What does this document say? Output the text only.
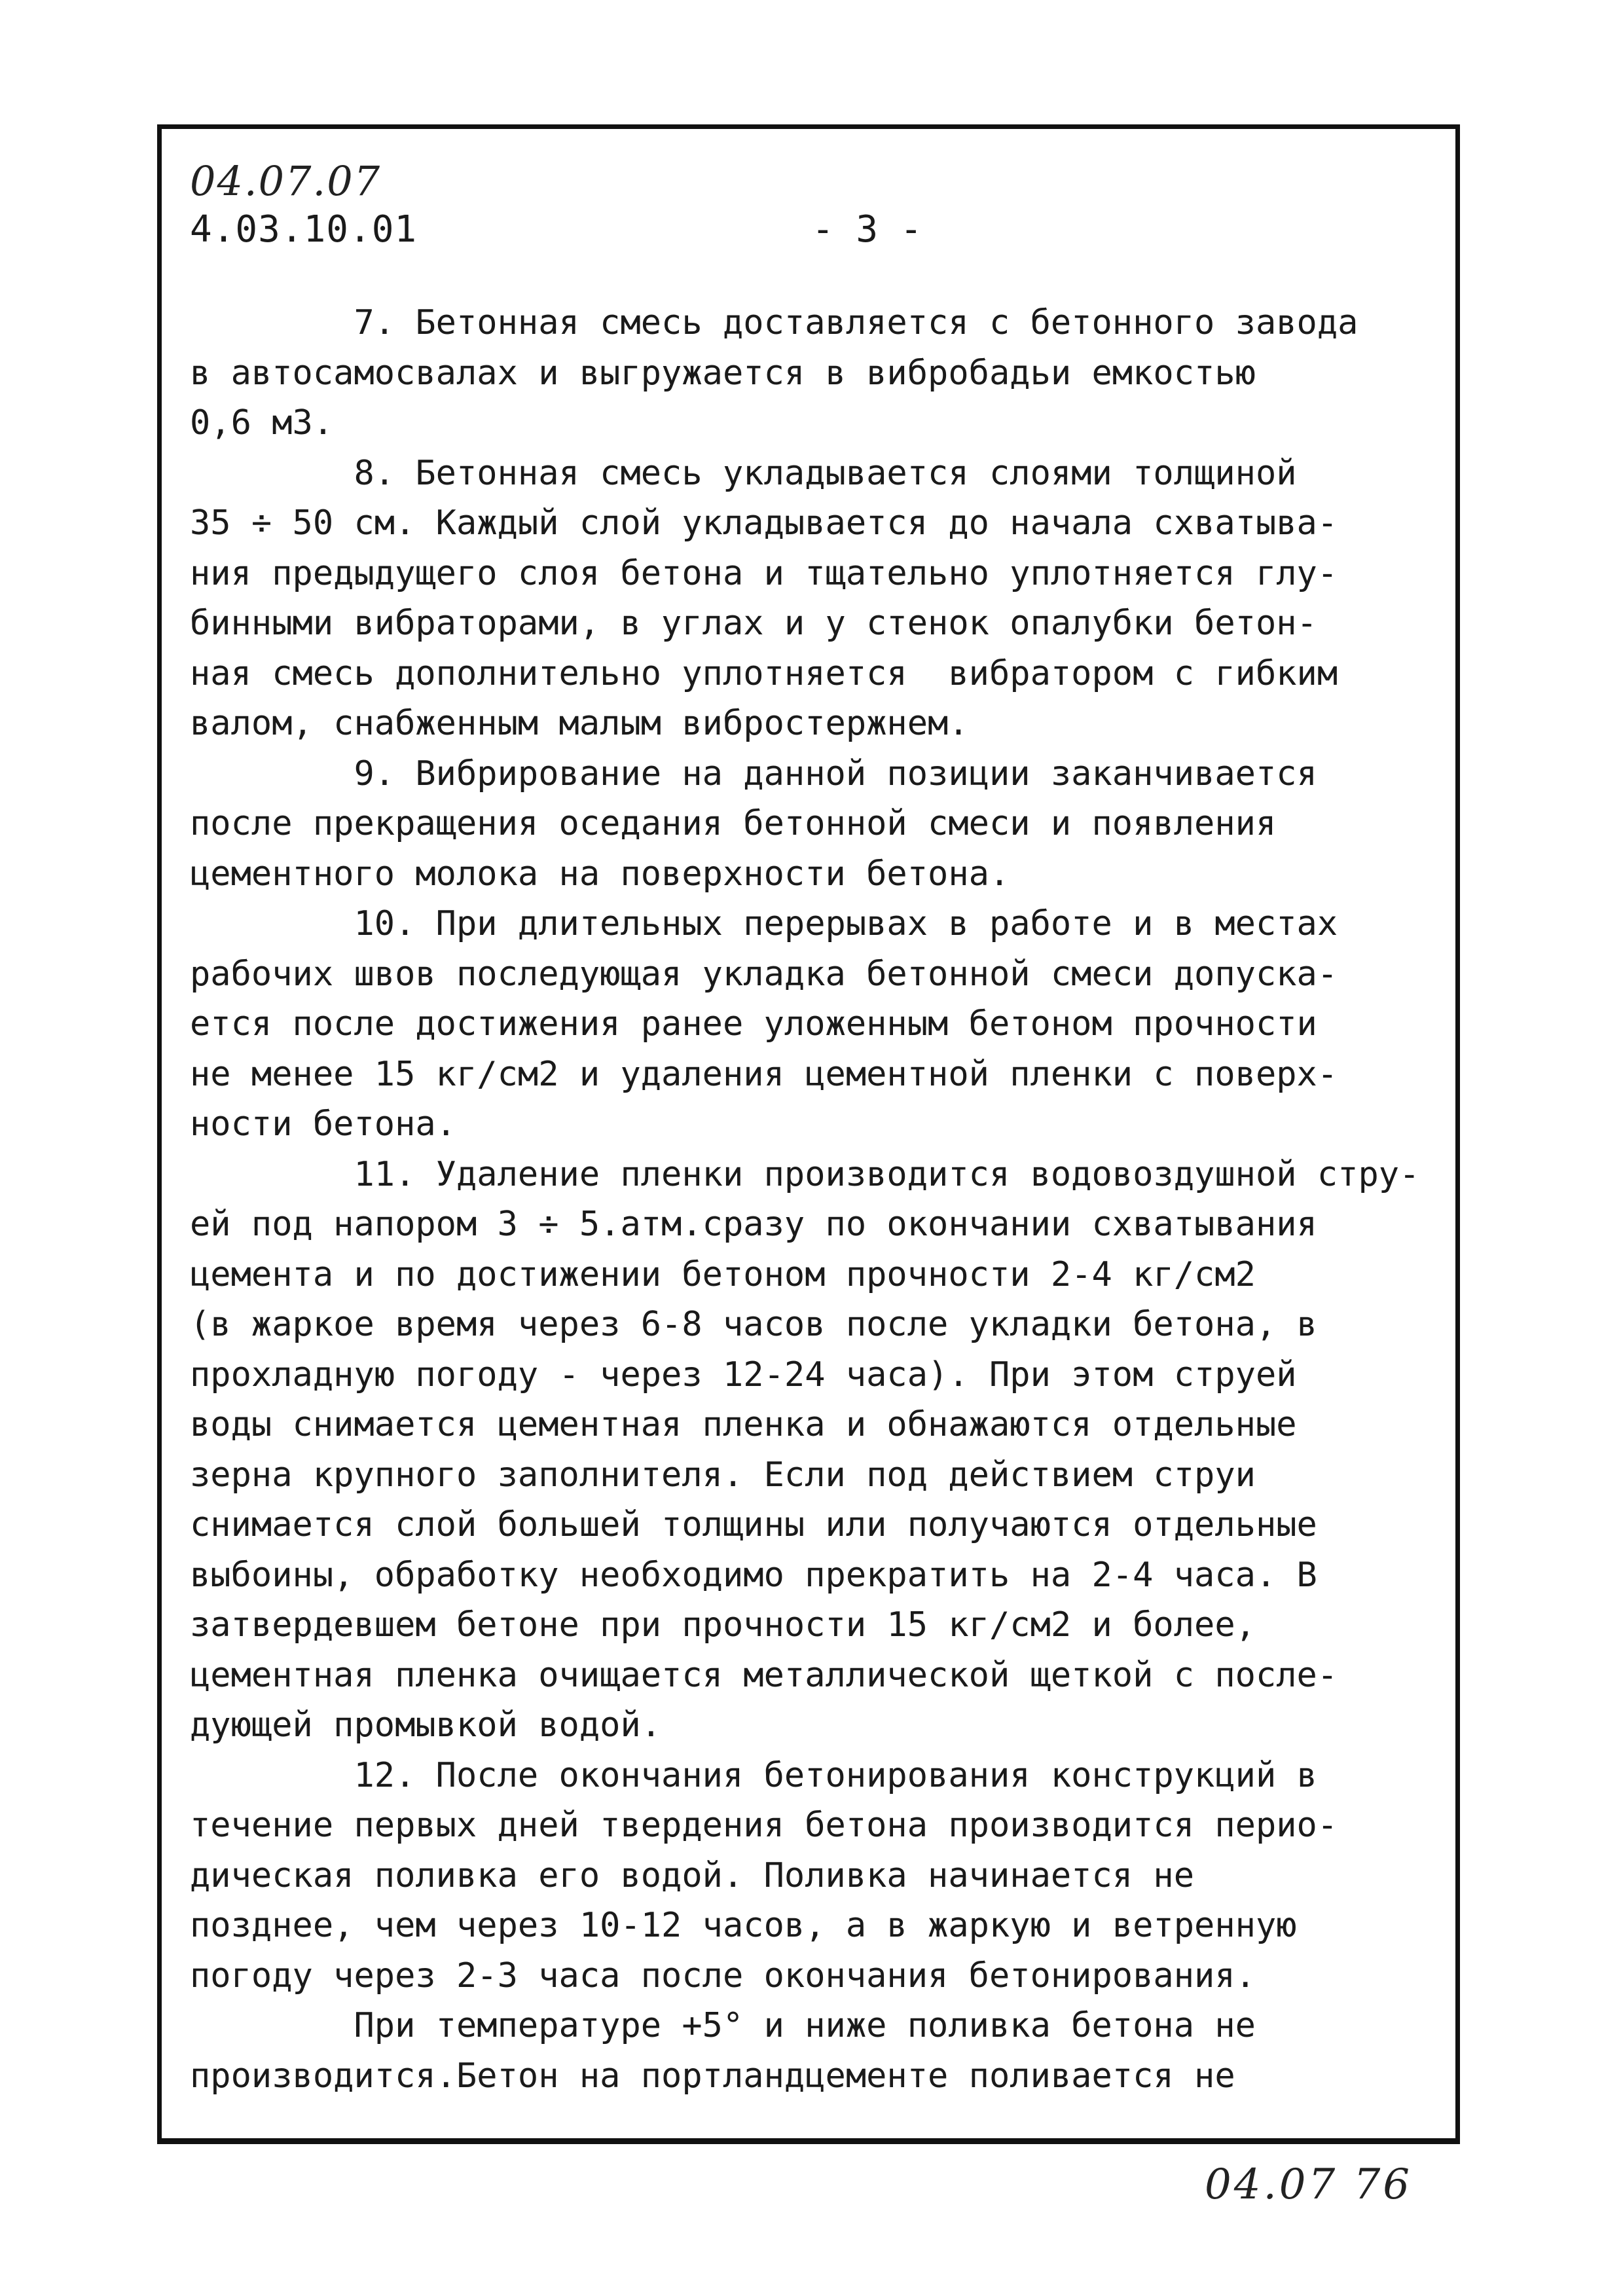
04.07.07
4.03.10.01	- 3 -
7. Бетонная смесь доставляется с бетонного завода
в автосамосвалах и выгружается в вибробадьи емкостью
0,6 м3.
8. Бетонная смесь укладывается слоями толщиной
35 ÷ 50 см. Каждый слой укладывается до начала схватыва-
ния предыдущего слоя бетона и тщательно уплотняется глу-
бинными вибраторами, в углах и у стенок опалубки бетон-
ная смесь дополнительно уплотняется  вибратором с гибким
валом, снабженным малым вибростержнем.
9. Вибрирование на данной позиции заканчивается
после прекращения оседания бетонной смеси и появления
цементного молока на поверхности бетона.
10. При длительных перерывах в работе и в местах
рабочих швов последующая укладка бетонной смеси допуска-
ется после достижения ранее уложенным бетоном прочности
не менее 15 кг/см2 и удаления цементной пленки с поверх-
ности бетона.
11. Удаление пленки производится водовоздушной стру-
ей под напором 3 ÷ 5.атм.сразу по окончании схватывания
цемента и по достижении бетоном прочности 2-4 кг/см2
(в жаркое время через 6-8 часов после укладки бетона, в
прохладную погоду - через 12-24 часа). При этом струей
воды снимается цементная пленка и обнажаются отдельные
зерна крупного заполнителя. Если под действием струи
снимается слой большей толщины или получаются отдельные
выбоины, обработку необходимо прекратить на 2-4 часа. В
затвердевшем бетоне при прочности 15 кг/см2 и более,
цементная пленка очищается металлической щеткой с после-
дующей промывкой водой.
12. После окончания бетонирования конструкций в
течение первых дней твердения бетона производится перио-
дическая поливка его водой. Поливка начинается не
позднее, чем через 10-12 часов, а в жаркую и ветренную
погоду через 2-3 часа после окончания бетонирования.
При температуре +5° и ниже поливка бетона не
производится.Бетон на портландцементе поливается не
04.07 76
